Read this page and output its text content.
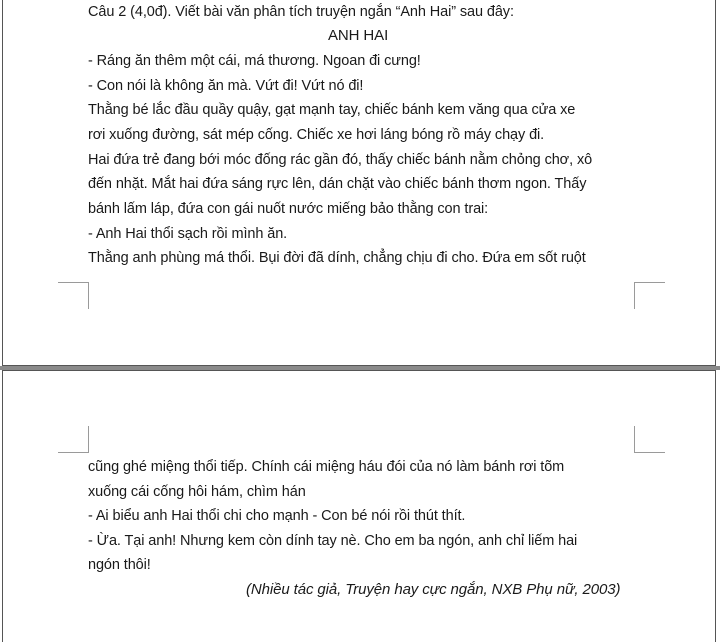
Câu 2 (4,0đ). Viết bài văn phân tích truyện ngắn “Anh Hai” sau đây:
ANH HAI
- Ráng ăn thêm một cái, má thương. Ngoan đi cưng!
- Con nói là không ăn mà. Vứt đi! Vứt nó đi!
Thằng bé lắc đầu quầy quậy, gạt mạnh tay, chiếc bánh kem văng qua cửa xe
rơi xuống đường, sát mép cống. Chiếc xe hơi láng bóng rồ máy chạy đi.
Hai đứa trẻ đang bới móc đống rác gần đó, thấy chiếc bánh nằm chỏng chơ, xô
đến nhặt. Mắt hai đứa sáng rực lên, dán chặt vào chiếc bánh thơm ngon. Thấy
bánh lấm láp, đứa con gái nuốt nước miếng bảo thằng con trai:
- Anh Hai thổi sạch rồi mình ăn.
Thằng anh phùng má thổi. Bụi đời đã dính, chẳng chịu đi cho. Đứa em sốt ruột
cũng ghé miệng thổi tiếp. Chính cái miệng háu đói của nó làm bánh rơi tõm
xuống cái cống hôi hám, chìm hán
- Ai biểu anh Hai thổi chi cho mạnh - Con bé nói rồi thút thít.
- Ừa. Tại anh! Nhưng kem còn dính tay nè. Cho em ba ngón, anh chỉ liếm hai
ngón thôi!
(Nhiều tác giả, Truyện hay cực ngắn, NXB Phụ nữ, 2003)
